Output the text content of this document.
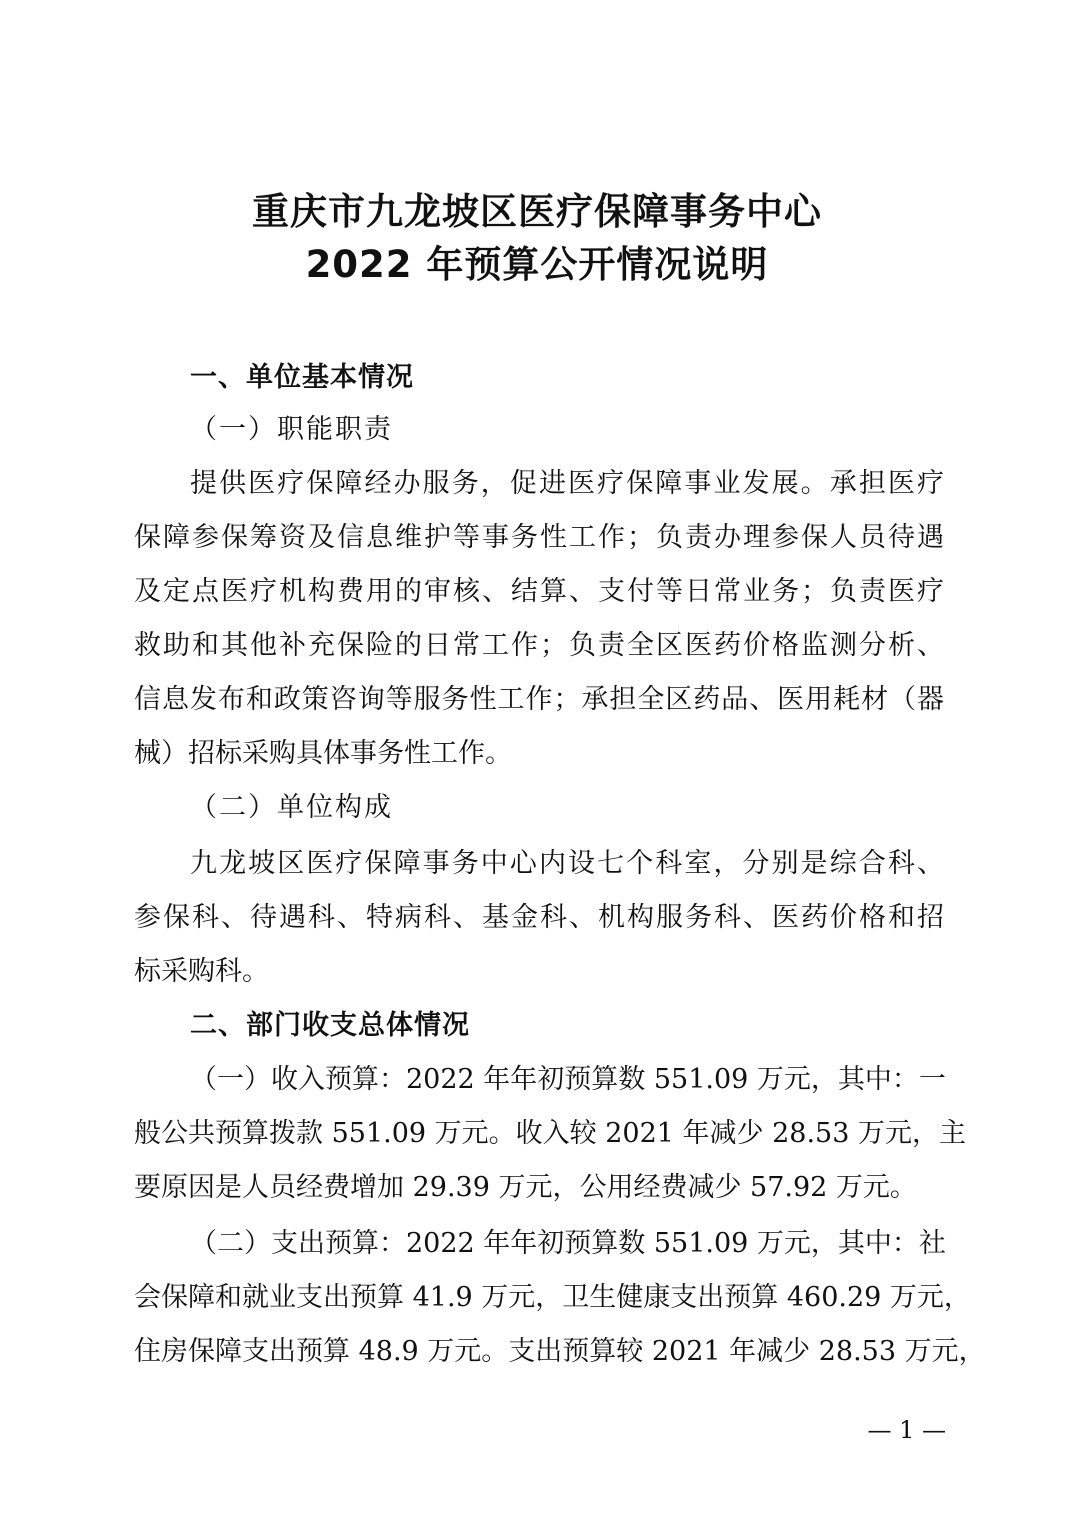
重庆市九龙坡区医疗保障事务中心
2022 年预算公开情况说明
一、单位基本情况
（一）职能职责
提供医疗保障经办服务，促进医疗保障事业发展。承担医疗
保障参保筹资及信息维护等事务性工作；负责办理参保人员待遇
及定点医疗机构费用的审核、结算、支付等日常业务；负责医疗
救助和其他补充保险的日常工作；负责全区医药价格监测分析、
信息发布和政策咨询等服务性工作；承担全区药品、医用耗材（器
械）招标采购具体事务性工作。
（二）单位构成
九龙坡区医疗保障事务中心内设七个科室，分别是综合科、
参保科、待遇科、特病科、基金科、机构服务科、医药价格和招
标采购科。
二、部门收支总体情况
（一）收入预算：2022 年年初预算数 551.09 万元，其中：一
般公共预算拨款 551.09 万元。收入较 2021 年减少 28.53 万元，主
要原因是人员经费增加 29.39 万元，公用经费减少 57.92 万元。
（二）支出预算：2022 年年初预算数 551.09 万元，其中：社
会保障和就业支出预算 41.9 万元，卫生健康支出预算 460.29 万元，
住房保障支出预算 48.9 万元。支出预算较 2021 年减少 28.53 万元，
— 1 —
